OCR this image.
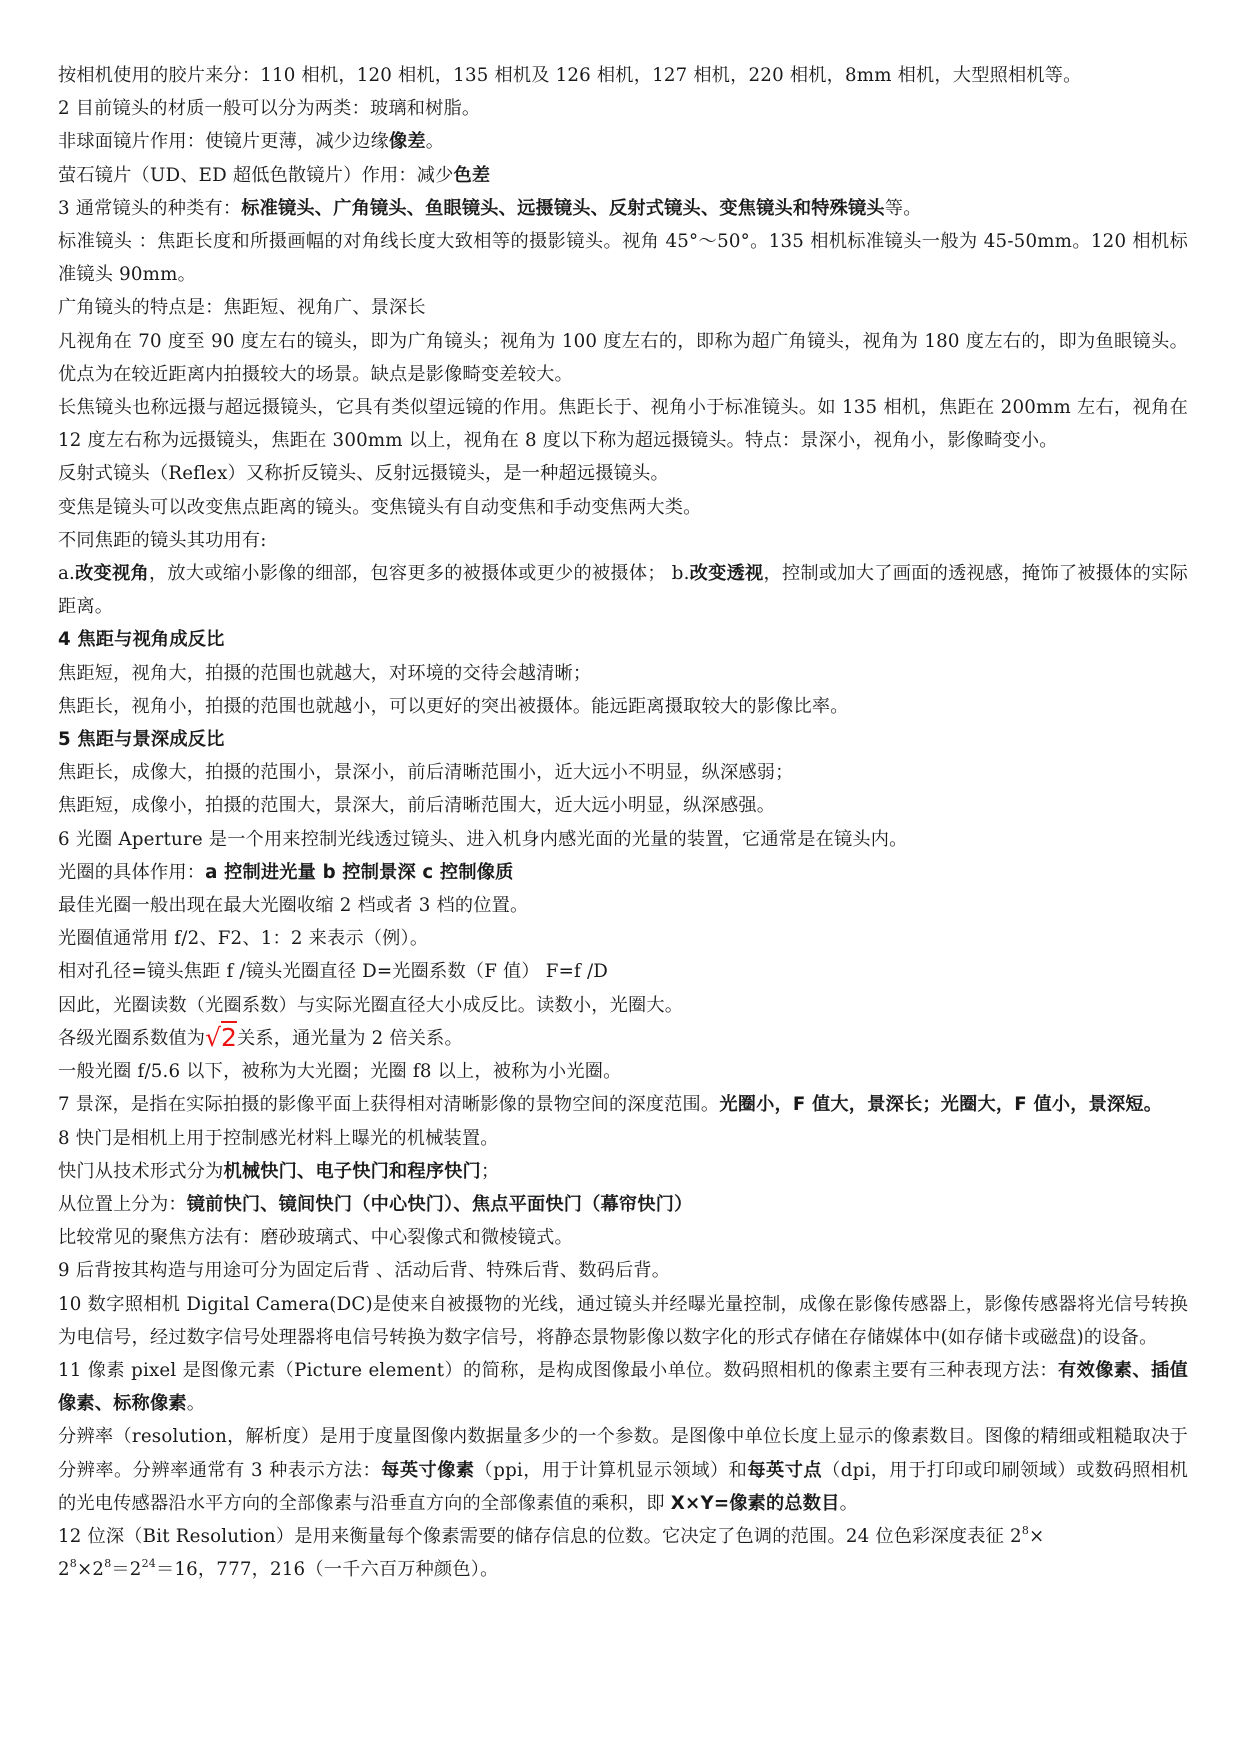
按相机使用的胶片来分：110 相机，120 相机，135 相机及 126 相机，127 相机，220 相机，8mm 相机，大型照相机等。

2 目前镜头的材质一般可以分为两类：玻璃和树脂。

非球面镜片作用：使镜片更薄，减少边缘像差。

萤石镜片（UD、ED 超低色散镜片）作用：减少色差

3 通常镜头的种类有：标准镜头、广角镜头、鱼眼镜头、远摄镜头、反射式镜头、变焦镜头和特殊镜头等。

标准镜头 ：焦距长度和所摄画幅的对角线长度大致相等的摄影镜头。视角 45°～50°。135 相机标准镜头一般为 45-50mm。120 相机标准镜头 90mm。

广角镜头的特点是：焦距短、视角广、景深长

凡视角在 70 度至 90 度左右的镜头，即为广角镜头；视角为 100 度左右的，即称为超广角镜头，视角为 180 度左右的，即为鱼眼镜头。优点为在较近距离内拍摄较大的场景。缺点是影像畸变差较大。

长焦镜头也称远摄与超远摄镜头，它具有类似望远镜的作用。焦距长于、视角小于标准镜头。如 135 相机，焦距在 200mm 左右，视角在 12 度左右称为远摄镜头，焦距在 300mm 以上，视角在 8 度以下称为超远摄镜头。特点：景深小，视角小，影像畸变小。

反射式镜头（Reflex）又称折反镜头、反射远摄镜头，是一种超远摄镜头。

变焦是镜头可以改变焦点距离的镜头。变焦镜头有自动变焦和手动变焦两大类。

不同焦距的镜头其功用有:

a.改变视角，放大或缩小影像的细部，包容更多的被摄体或更少的被摄体； b.改变透视，控制或加大了画面的透视感，掩饰了被摄体的实际距离。

4 焦距与视角成反比

焦距短，视角大，拍摄的范围也就越大，对环境的交待会越清晰；

焦距长，视角小，拍摄的范围也就越小，可以更好的突出被摄体。能远距离摄取较大的影像比率。

5 焦距与景深成反比

焦距长，成像大，拍摄的范围小，景深小，前后清晰范围小，近大远小不明显，纵深感弱；

焦距短，成像小，拍摄的范围大，景深大，前后清晰范围大，近大远小明显，纵深感强。

6 光圈 Aperture 是一个用来控制光线透过镜头、进入机身内感光面的光量的装置，它通常是在镜头内。

光圈的具体作用：a 控制进光量 b 控制景深 c 控制像质

最佳光圈一般出现在最大光圈收缩 2 档或者 3 档的位置。

光圈值通常用 f/2、F2、1：2 来表示（例）。

相对孔径=镜头焦距 f /镜头光圈直径 D=光圈系数（F 值） F=f /D

因此，光圈读数（光圈系数）与实际光圈直径大小成反比。读数小，光圈大。

各级光圈系数值为√2关系，通光量为 2 倍关系。

一般光圈 f/5.6 以下，被称为大光圈；光圈 f8 以上，被称为小光圈。

7 景深，是指在实际拍摄的影像平面上获得相对清晰影像的景物空间的深度范围。光圈小，F 值大，景深长；光圈大，F 值小，景深短。

8 快门是相机上用于控制感光材料上曝光的机械装置。

快门从技术形式分为机械快门、电子快门和程序快门；

从位置上分为：镜前快门、镜间快门（中心快门）、焦点平面快门（幕帘快门）

比较常见的聚焦方法有：磨砂玻璃式、中心裂像式和微棱镜式。

9 后背按其构造与用途可分为固定后背 、活动后背、特殊后背、数码后背。

10 数字照相机 Digital Camera(DC)是使来自被摄物的光线，通过镜头并经曝光量控制，成像在影像传感器上，影像传感器将光信号转换为电信号，经过数字信号处理器将电信号转换为数字信号，将静态景物影像以数字化的形式存储在存储媒体中(如存储卡或磁盘)的设备。

11 像素 pixel 是图像元素（Picture element）的简称，是构成图像最小单位。数码照相机的像素主要有三种表现方法：有效像素、插值像素、标称像素。

分辨率（resolution，解析度）是用于度量图像内数据量多少的一个参数。是图像中单位长度上显示的像素数目。图像的精细或粗糙取决于分辨率。分辨率通常有 3 种表示方法：每英寸像素（ppi，用于计算机显示领域）和每英寸点（dpi，用于打印或印刷领域）或数码照相机的光电传感器沿水平方向的全部像素与沿垂直方向的全部像素值的乘积，即 X×Y=像素的总数目。

12 位深（Bit Resolution）是用来衡量每个像素需要的储存信息的位数。它决定了色调的范围。24 位色彩深度表征 $2^8\times$
$2^8\times 2^8=2^{24}=16$，777，216（一千六百万种颜色）。
